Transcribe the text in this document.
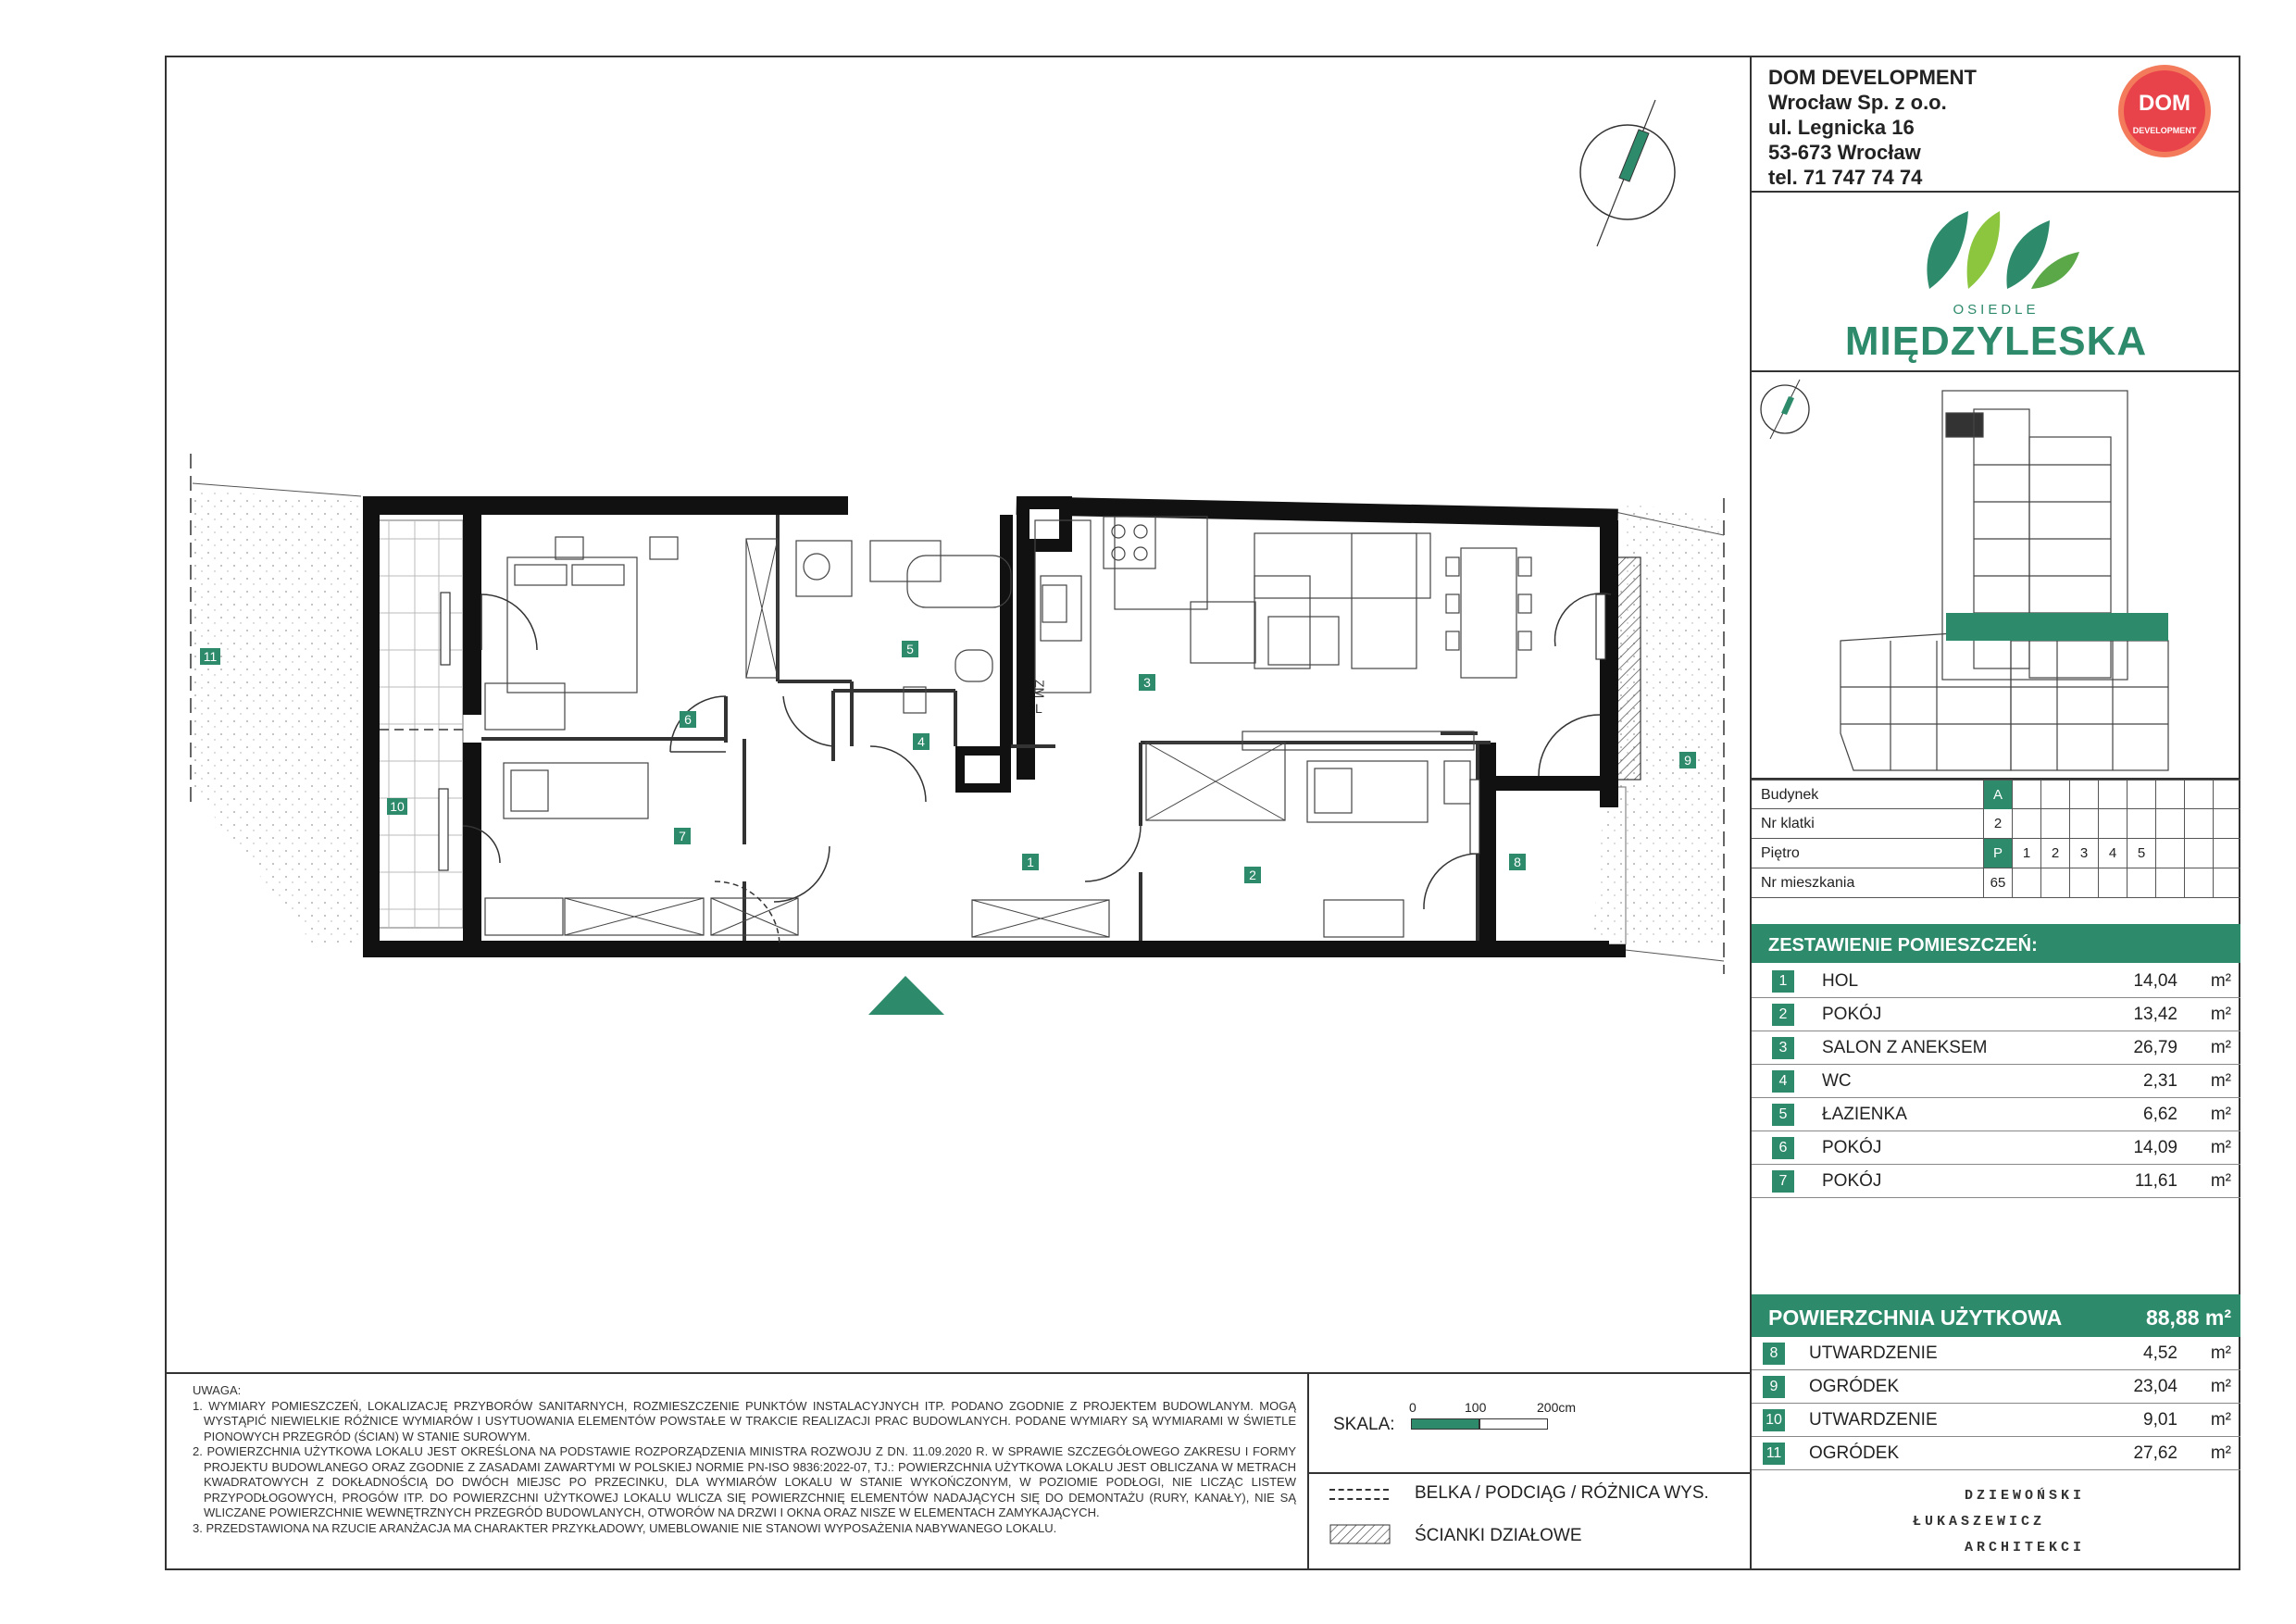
ZM
L
1
2
3
4
5
6
7
8
9
10
11
UWAGA:
1. WYMIARY POMIESZCZEŃ, LOKALIZACJĘ PRZYBORÓW SANITARNYCH, ROZMIESZCZENIE PUNKTÓW INSTALACYJNYCH ITP. PODANO ZGODNIE Z PROJEKTEM BUDOWLANYM. MOGĄ WYSTĄPIĆ NIEWIELKIE RÓŻNICE WYMIARÓW I USYTUOWANIA ELEMENTÓW POWSTAŁE W TRAKCIE REALIZACJI PRAC BUDOWLANYCH. PODANE WYMIARY SĄ WYMIARAMI W ŚWIETLE PIONOWYCH PRZEGRÓD (ŚCIAN) W STANIE SUROWYM.
2. POWIERZCHNIA UŻYTKOWA LOKALU JEST OKREŚLONA NA PODSTAWIE ROZPORZĄDZENIA MINISTRA ROZWOJU Z DN. 11.09.2020 R. W SPRAWIE SZCZEGÓŁOWEGO ZAKRESU I FORMY PROJEKTU BUDOWLANEGO ORAZ ZGODNIE Z ZASADAMI ZAWARTYMI W POLSKIEJ NORMIE PN-ISO 9836:2022-07, TJ.: POWIERZCHNIA UŻYTKOWA LOKALU JEST OBLICZANA W METRACH KWADRATOWYCH Z DOKŁADNOŚCIĄ DO DWÓCH MIEJSC PO PRZECINKU, DLA WYMIARÓW LOKALU W STANIE WYKOŃCZONYM, W POZIOMIE PODŁOGI, NIE LICZĄC LISTEW PRZYPODŁOGOWYCH, PROGÓW ITP. DO POWIERZCHNI UŻYTKOWEJ LOKALU WLICZA SIĘ POWIERZCHNIĘ ELEMENTÓW NADAJĄCYCH SIĘ DO DEMONTAŻU (RURY, KANAŁY), NIE SĄ WLICZANE POWIERZCHNIE WEWNĘTRZNYCH PRZEGRÓD BUDOWLANYCH, OTWORÓW NA DRZWI I OKNA ORAZ NISZE W ELEMENTACH ZAMYKAJĄCYCH.
3. PRZEDSTAWIONA NA RZUCIE ARANŻACJA MA CHARAKTER PRZYKŁADOWY, UMEBLOWANIE NIE STANOWI WYPOSAŻENIA NABYWANEGO LOKALU.
SKALA:
0	100	200cm
BELKA / PODCIĄG / RÓŻNICA WYS.
ŚCIANKI DZIAŁOWE
DOM DEVELOPMENT
Wrocław Sp. z o.o.
ul. Legnicka 16
53-673 Wrocław
tel. 71 747 74 74
DOM
DEVELOPMENT
OSIEDLE
MIĘDZYLESKA
Budynek	A
Nr klatki	2
Piętro	P	1	2	3	4	5
Nr mieszkania	65
ZESTAWIENIE POMIESZCZEŃ:
1	HOL	14,04 m²
2	POKÓJ	13,42 m²
3	SALON Z ANEKSEM	26,79 m²
4	WC	2,31 m²
5	ŁAZIENKA	6,62 m²
6	POKÓJ	14,09 m²
7	POKÓJ	11,61 m²
POWIERZCHNIA UŻYTKOWA	88,88 m²
8	UTWARDZENIE	4,52 m²
9	OGRÓDEK	23,04 m²
10 UTWARDZENIE	9,01 m²
11 OGRÓDEK	27,62 m²
DZIEWOŃSKI
ŁUKASZEWICZ
ARCHITEKCI
